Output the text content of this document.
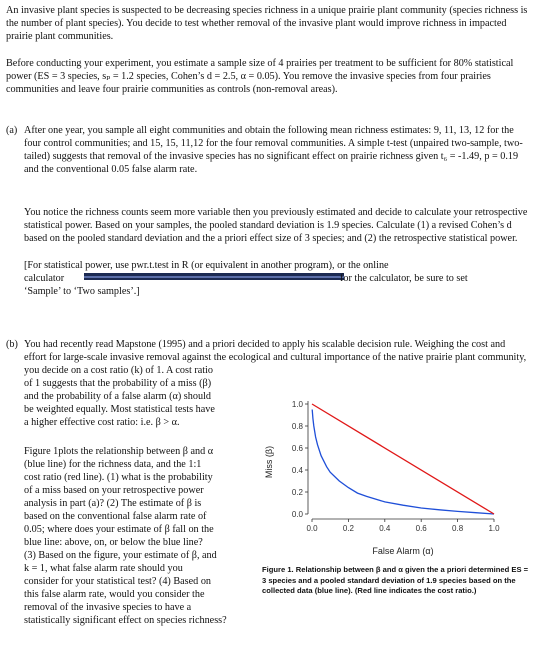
An invasive plant species is suspected to be decreasing species richness in a unique prairie plant community (species richness is the number of plant species). You decide to test whether removal of the invasive plant would improve richness in impacted prairie plant communities.
Before conducting your experiment, you estimate a sample size of 4 prairies per treatment to be sufficient for 80% statistical power (ES = 3 species, sₚ = 1.2 species, Cohen’s d = 2.5, α = 0.05). You remove the invasive species from four prairies communities and leave four prairie communities as controls (non-removal areas).
(a) After one year, you sample all eight communities and obtain the following mean richness estimates: 9, 11, 13, 12 for the four control communities; and 15, 15, 11,12 for the four removal communities. A simple t-test (unpaired two-sample, two-tailed) suggests that removal of the invasive species has no significant effect on prairie richness given t₆ = -1.49, p = 0.19 and the conventional 0.05 false alarm rate.
You notice the richness counts seem more variable then you previously estimated and decide to calculate your retrospective statistical power. Based on your samples, the pooled standard deviation is 1.9 species. Calculate (1) a revised Cohen’s d based on the pooled standard deviation and the a priori effect size of 3 species; and (2) the retrospective statistical power.
[For statistical power, use pwr.t.test in R (or equivalent in another program), or the online
calculator	for the calculator, be sure to set
‘Sample’ to ‘Two samples’.]
(b) You had recently read Mapstone (1995) and a priori decided to apply his scalable decision rule. Weighing the cost and effort for large-scale invasive removal against the ecological and cultural importance of the native prairie plant community, you decide on a cost ratio (k) of 1. A cost ratio
of 1 suggests that the probability of a miss (β)
and the probability of a false alarm (α) should
be weighted equally. Most statistical tests have
a higher effective cost ratio: i.e. β > α.
Figure 1plots the relationship between β and α
(blue line) for the richness data, and the 1:1
cost ratio (red line). (1) what is the probability
of a miss based on your retrospective power
analysis in part (a)? (2) The estimate of β is
based on the conventional false alarm rate of
0.05; where does your estimate of β fall on the
blue line: above, on, or below the blue line?
(3) Based on the figure, your estimate of β, and
k = 1, what false alarm rate should you
consider for your statistical test? (4) Based on
this false alarm rate, would you consider the
removal of the invasive species to have a
statistically significant effect on species richness?
0.0
0.2
0.4
0.6
0.8
1.0
0.0	0.2	0.4	0.6	0.8	1.0
False Alarm (α)
Miss (β)
Figure 1. Relationship between β and α given the a priori determined ES = 3 species and a pooled standard deviation of 1.9 species based on the collected data (blue line). (Red line indicates the cost ratio.)
